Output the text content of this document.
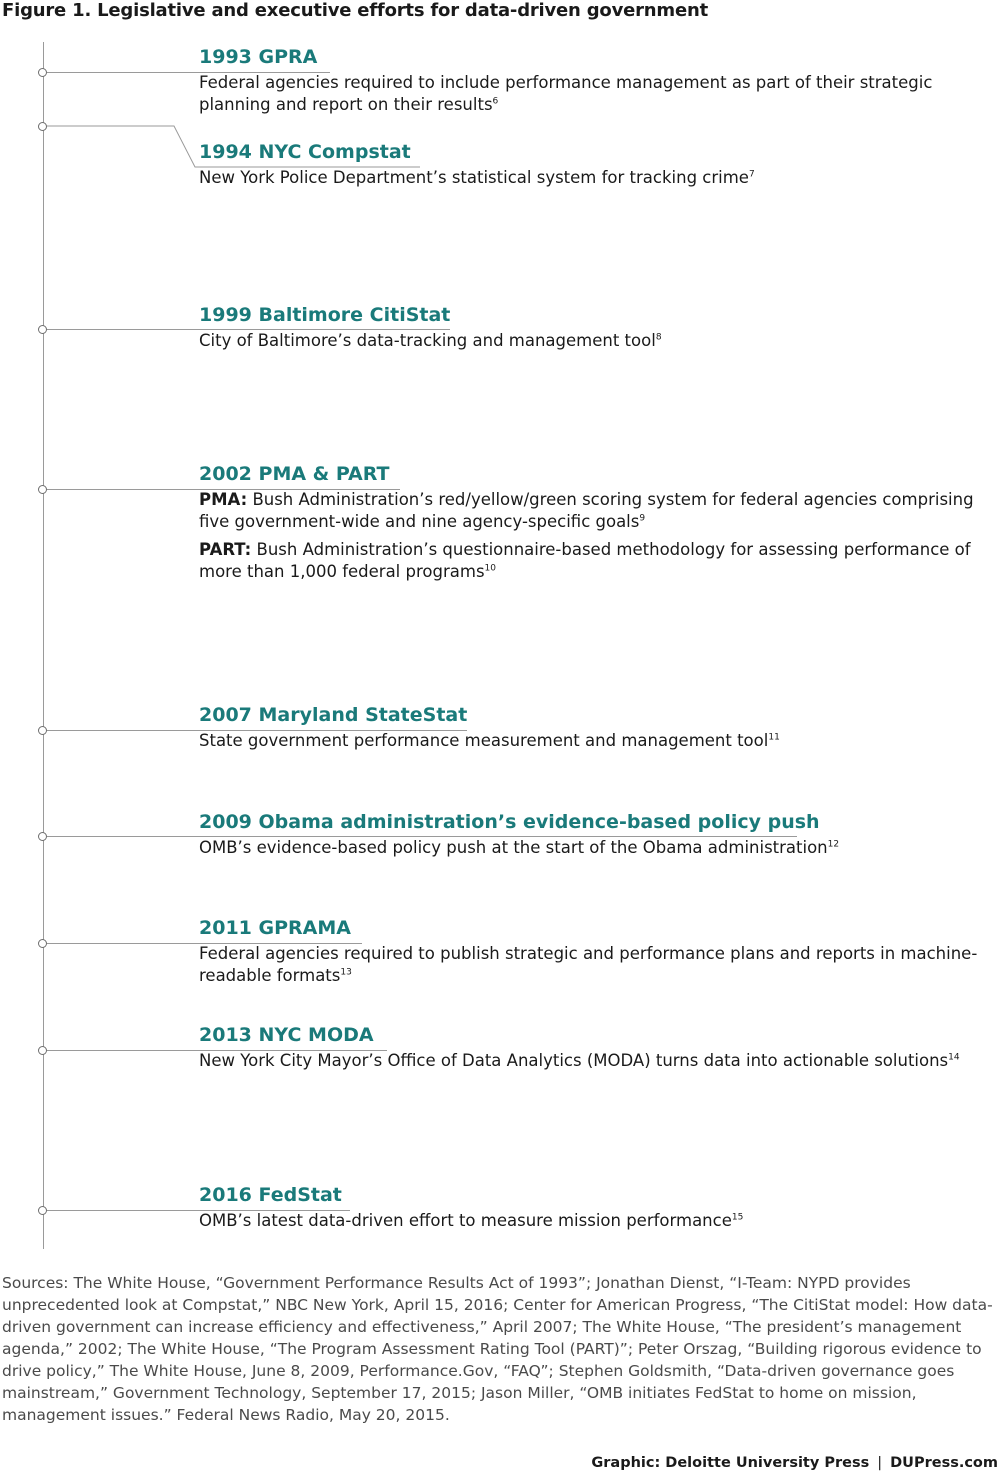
Figure 1. Legislative and executive efforts for data-driven government
1993 GPRA

Federal agencies required to include performance management as part of their strategic planning and report on their results$^6$

1994 NYC Compstat

New York Police Department’s statistical system for tracking crime$^7$

1999 Baltimore CitiStat

City of Baltimore’s data-tracking and management tool$^8$

2002 PMA & PART

PMA: Bush Administration’s red/yellow/green scoring system for federal agencies comprising five government-wide and nine agency-specific goals$^9$

PART: Bush Administration’s questionnaire-based methodology for assessing performance of more than 1,000 federal programs$^{10}$

2007 Maryland StateStat

State government performance measurement and management tool$^{11}$

2009 Obama administration’s evidence-based policy push

OMB’s evidence-based policy push at the start of the Obama administration$^{12}$

2011 GPRAMA

Federal agencies required to publish strategic and performance plans and reports in machine-readable formats$^{13}$

2013 NYC MODA

New York City Mayor’s Office of Data Analytics (MODA) turns data into actionable solutions$^{14}$

2016 FedStat

OMB’s latest data-driven effort to measure mission performance$^{15}$

Sources: The White House, “Government Performance Results Act of 1993”; Jonathan Dienst, “I-Team: NYPD provides unprecedented look at Compstat,” NBC New York, April 15, 2016; Center for American Progress, “The CitiStat model: How data-driven government can increase efficiency and effectiveness,” April 2007; The White House, “The president’s management agenda,” 2002; The White House, “The Program Assessment Rating Tool (PART)”; Peter Orszag, “Building rigorous evidence to drive policy,” The White House, June 8, 2009, Performance.Gov, “FAQ”; Stephen Goldsmith, “Data-driven governance goes mainstream,” Government Technology, September 17, 2015; Jason Miller, “OMB initiates FedStat to home on mission, management issues.” Federal News Radio, May 20, 2015.

Graphic: Deloitte University Press | DUPress.com
